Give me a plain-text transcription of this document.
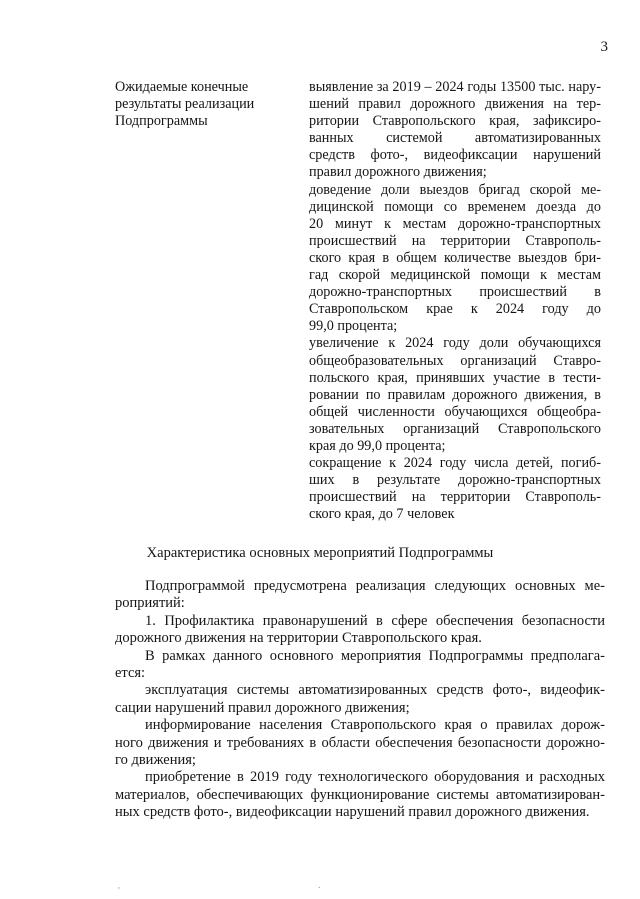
3
Ожидаемые конечные
результаты реализации
Подпрограммы
выявление за 2019 – 2024 годы 13500 тыс. нару-
шений правил дорожного движения на тер-
ритории Ставропольского края, зафиксиро-
ванных системой автоматизированных
средств фото-, видеофиксации нарушений
правил дорожного движения;
доведение доли выездов бригад скорой ме-
дицинской помощи со временем доезда до
20 минут к местам дорожно-транспортных
происшествий на территории Ставрополь-
ского края в общем количестве выездов бри-
гад скорой медицинской помощи к местам
дорожно-транспортных происшествий в
Ставропольском крае к 2024 году до
99,0 процента;
увеличение к 2024 году доли обучающихся
общеобразовательных организаций Ставро-
польского края, принявших участие в тести-
ровании по правилам дорожного движения, в
общей численности обучающихся общеобра-
зовательных организаций Ставропольского
края до 99,0 процента;
сокращение к 2024 году числа детей, погиб-
ших в результате дорожно-транспортных
происшествий на территории Ставрополь-
ского края, до 7 человек
Характеристика основных мероприятий Подпрограммы
Подпрограммой предусмотрена реализация следующих основных ме-
роприятий:
1. Профилактика правонарушений в сфере обеспечения безопасности
дорожного движения на территории Ставропольского края.
В рамках данного основного мероприятия Подпрограммы предполага-
ется:
эксплуатация системы автоматизированных средств фото-, видеофик-
сации нарушений правил дорожного движения;
информирование населения Ставропольского края о правилах дорож-
ного движения и требованиях в области обеспечения безопасности дорожно-
го движения;
приобретение в 2019 году технологического оборудования и расходных
материалов, обеспечивающих функционирование системы автоматизирован-
ных средств фото-, видеофиксации нарушений правил дорожного движения.
'
.
